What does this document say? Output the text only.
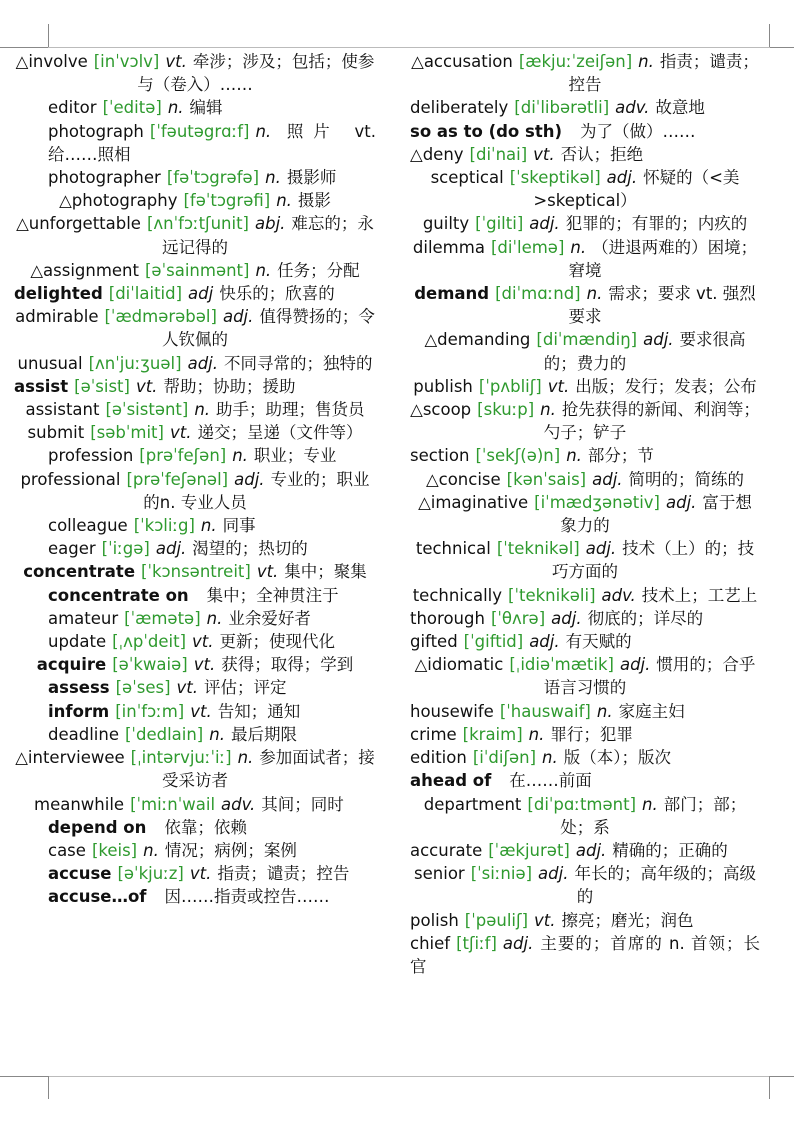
△involve [inˈvɔlv] vt. 牵涉；涉及；包括；使参与（卷入）……

editor [ˈeditə] n. 编辑

photograph [ˈfəutəgrɑːf] n. 照片 vt. 给……照相

photographer [fəˈtɔgrəfə] n. 摄影师

△photography [fəˈtɔgrəfi] n. 摄影

△unforgettable [ʌnˈfɔːtʃunit] abj. 难忘的；永远记得的

△assignment [əˈsainmənt] n. 任务；分配

delighted [diˈlaitid] adj 快乐的；欣喜的

admirable [ˈædmərəbəl] adj. 值得赞扬的；令人钦佩的

unusual [ʌnˈjuːʒuəl] adj. 不同寻常的；独特的

assist [əˈsist] vt. 帮助；协助；援助

assistant [əˈsistənt] n. 助手；助理；售货员

submit [səbˈmit] vt. 递交；呈递（文件等）

profession [prəˈfeʃən] n. 职业；专业

professional [prəˈfeʃənəl] adj. 专业的；职业的n. 专业人员

colleague [ˈkɔliːg] n. 同事

eager [ˈiːgə] adj. 渴望的；热切的

concentrate [ˈkɔnsəntreit] vt. 集中；聚集

concentrate on 集中；全神贯注于

amateur [ˈæmətə] n. 业余爱好者

update [ˌʌpˈdeit] vt. 更新；使现代化

acquire [əˈkwaiə] vt. 获得；取得；学到

assess [əˈses] vt. 评估；评定

inform [inˈfɔːm] vt. 告知；通知

deadline [ˈdedlain] n. 最后期限

△interviewee [ˌintərvjuːˈiː] n. 参加面试者；接受采访者

meanwhile [ˈmiːnˈwail adv. 其间；同时

depend on 依靠；依赖

case [keis] n. 情况；病例；案例

accuse [əˈkjuːz] vt. 指责；谴责；控告

accuse…of 因……指责或控告……

△accusation [ækjuːˈzeiʃən] n. 指责；谴责；控告

deliberately [diˈlibərətli] adv. 故意地

so as to (do sth) 为了（做）……

△deny [diˈnai] vt. 否认；拒绝

sceptical [ˈskeptikəl] adj. 怀疑的（<美>skeptical）

guilty [ˈgilti] adj. 犯罪的；有罪的；内疚的

dilemma [diˈlemə] n. （进退两难的）困境；窘境

demand [diˈmɑːnd] n. 需求；要求 vt. 强烈要求

△demanding [diˈmændiŋ] adj. 要求很高的；费力的

publish [ˈpʌbliʃ] vt. 出版；发行；发表；公布

△scoop [skuːp] n. 抢先获得的新闻、利润等；勺子；铲子

section [ˈsekʃ(ə)n] n. 部分；节

△concise [kənˈsais] adj. 简明的；简练的

△imaginative [iˈmædʒənətiv] adj. 富于想象力的

technical [ˈteknikəl] adj. 技术（上）的；技巧方面的

technically [ˈteknikəli] adv. 技术上；工艺上

thorough [ˈθʌrə] adj. 彻底的；详尽的

gifted [ˈgiftid] adj. 有天赋的

△idiomatic [ˌidiəˈmætik] adj. 惯用的；合乎语言习惯的

housewife [ˈhauswaif] n. 家庭主妇

crime [kraim] n. 罪行；犯罪

edition [iˈdiʃən] n. 版（本）；版次

ahead of 在……前面

department [diˈpɑːtmənt] n. 部门；部；处；系

accurate [ˈækjurət] adj. 精确的；正确的

senior [ˈsiːniə] adj. 年长的；高年级的；高级的

polish [ˈpəuliʃ] vt. 擦亮；磨光；润色

chief [tʃiːf] adj. 主要的；首席的 n. 首领；长官
